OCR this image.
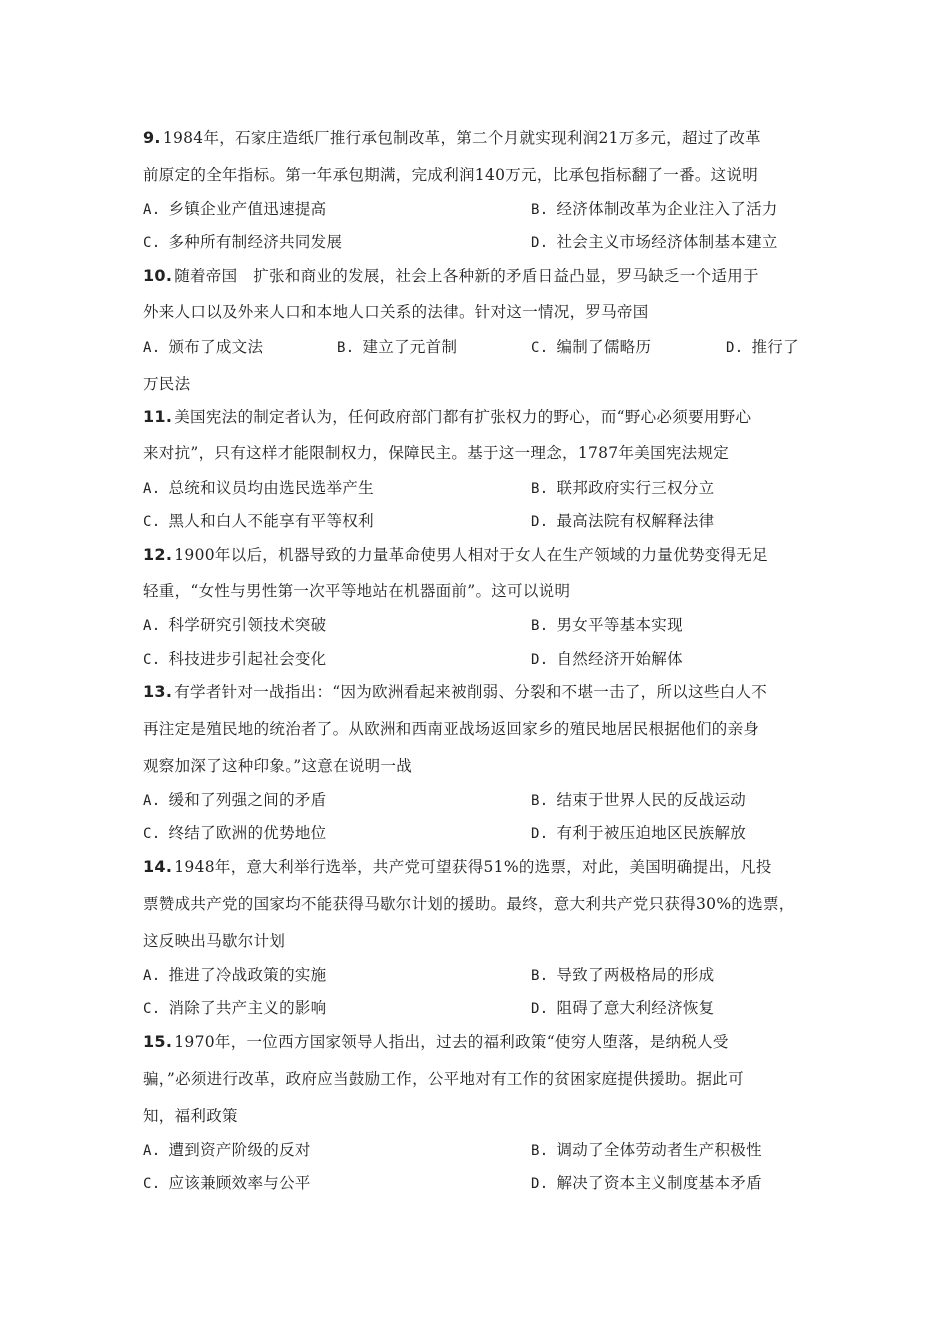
9. 1984年，石家庄造纸厂推行承包制改革，第二个月就实现利润21万多元，超过了改革
前原定的全年指标。第一年承包期满，完成利润140万元，比承包指标翻了一番。这说明
A. 乡镇企业产值迅速提高	B. 经济体制改革为企业注入了活力
C. 多种所有制经济共同发展	D. 社会主义市场经济体制基本建立
10. 随着帝国　扩张和商业的发展，社会上各种新的矛盾日益凸显，罗马缺乏一个适用于
外来人口以及外来人口和本地人口关系的法律。针对这一情况，罗马帝国
A. 颁布了成文法	B. 建立了元首制	C. 编制了儒略历	D. 推行了
万民法
11. 美国宪法的制定者认为，任何政府部门都有扩张权力的野心，而“野心必须要用野心
来对抗”，只有这样才能限制权力，保障民主。基于这一理念，1787年美国宪法规定
A. 总统和议员均由选民选举产生	B. 联邦政府实行三权分立
C. 黑人和白人不能享有平等权利	D. 最高法院有权解释法律
12. 1900年以后，机器导致的力量革命使男人相对于女人在生产领域的力量优势变得无足
轻重，“女性与男性第一次平等地站在机器面前”。这可以说明
A. 科学研究引领技术突破	B. 男女平等基本实现
C. 科技进步引起社会变化	D. 自然经济开始解体
13. 有学者针对一战指出：“因为欧洲看起来被削弱、分裂和不堪一击了，所以这些白人不
再注定是殖民地的统治者了。从欧洲和西南亚战场返回家乡的殖民地居民根据他们的亲身
观察加深了这种印象。”这意在说明一战
A. 缓和了列强之间的矛盾	B. 结束于世界人民的反战运动
C. 终结了欧洲的优势地位	D. 有利于被压迫地区民族解放
14. 1948年，意大利举行选举，共产党可望获得51%的选票，对此，美国明确提出，凡投
票赞成共产党的国家均不能获得马歇尔计划的援助。最终，意大利共产党只获得30%的选票，
这反映出马歇尔计划
A. 推进了冷战政策的实施	B. 导致了两极格局的形成
C. 消除了共产主义的影响	D. 阻碍了意大利经济恢复
15. 1970年，一位西方国家领导人指出，过去的福利政策“使穷人堕落，是纳税人受
骗，”必须进行改革，政府应当鼓励工作，公平地对有工作的贫困家庭提供援助。据此可
知，福利政策
A. 遭到资产阶级的反对	B. 调动了全体劳动者生产积极性
C. 应该兼顾效率与公平	D. 解决了资本主义制度基本矛盾
